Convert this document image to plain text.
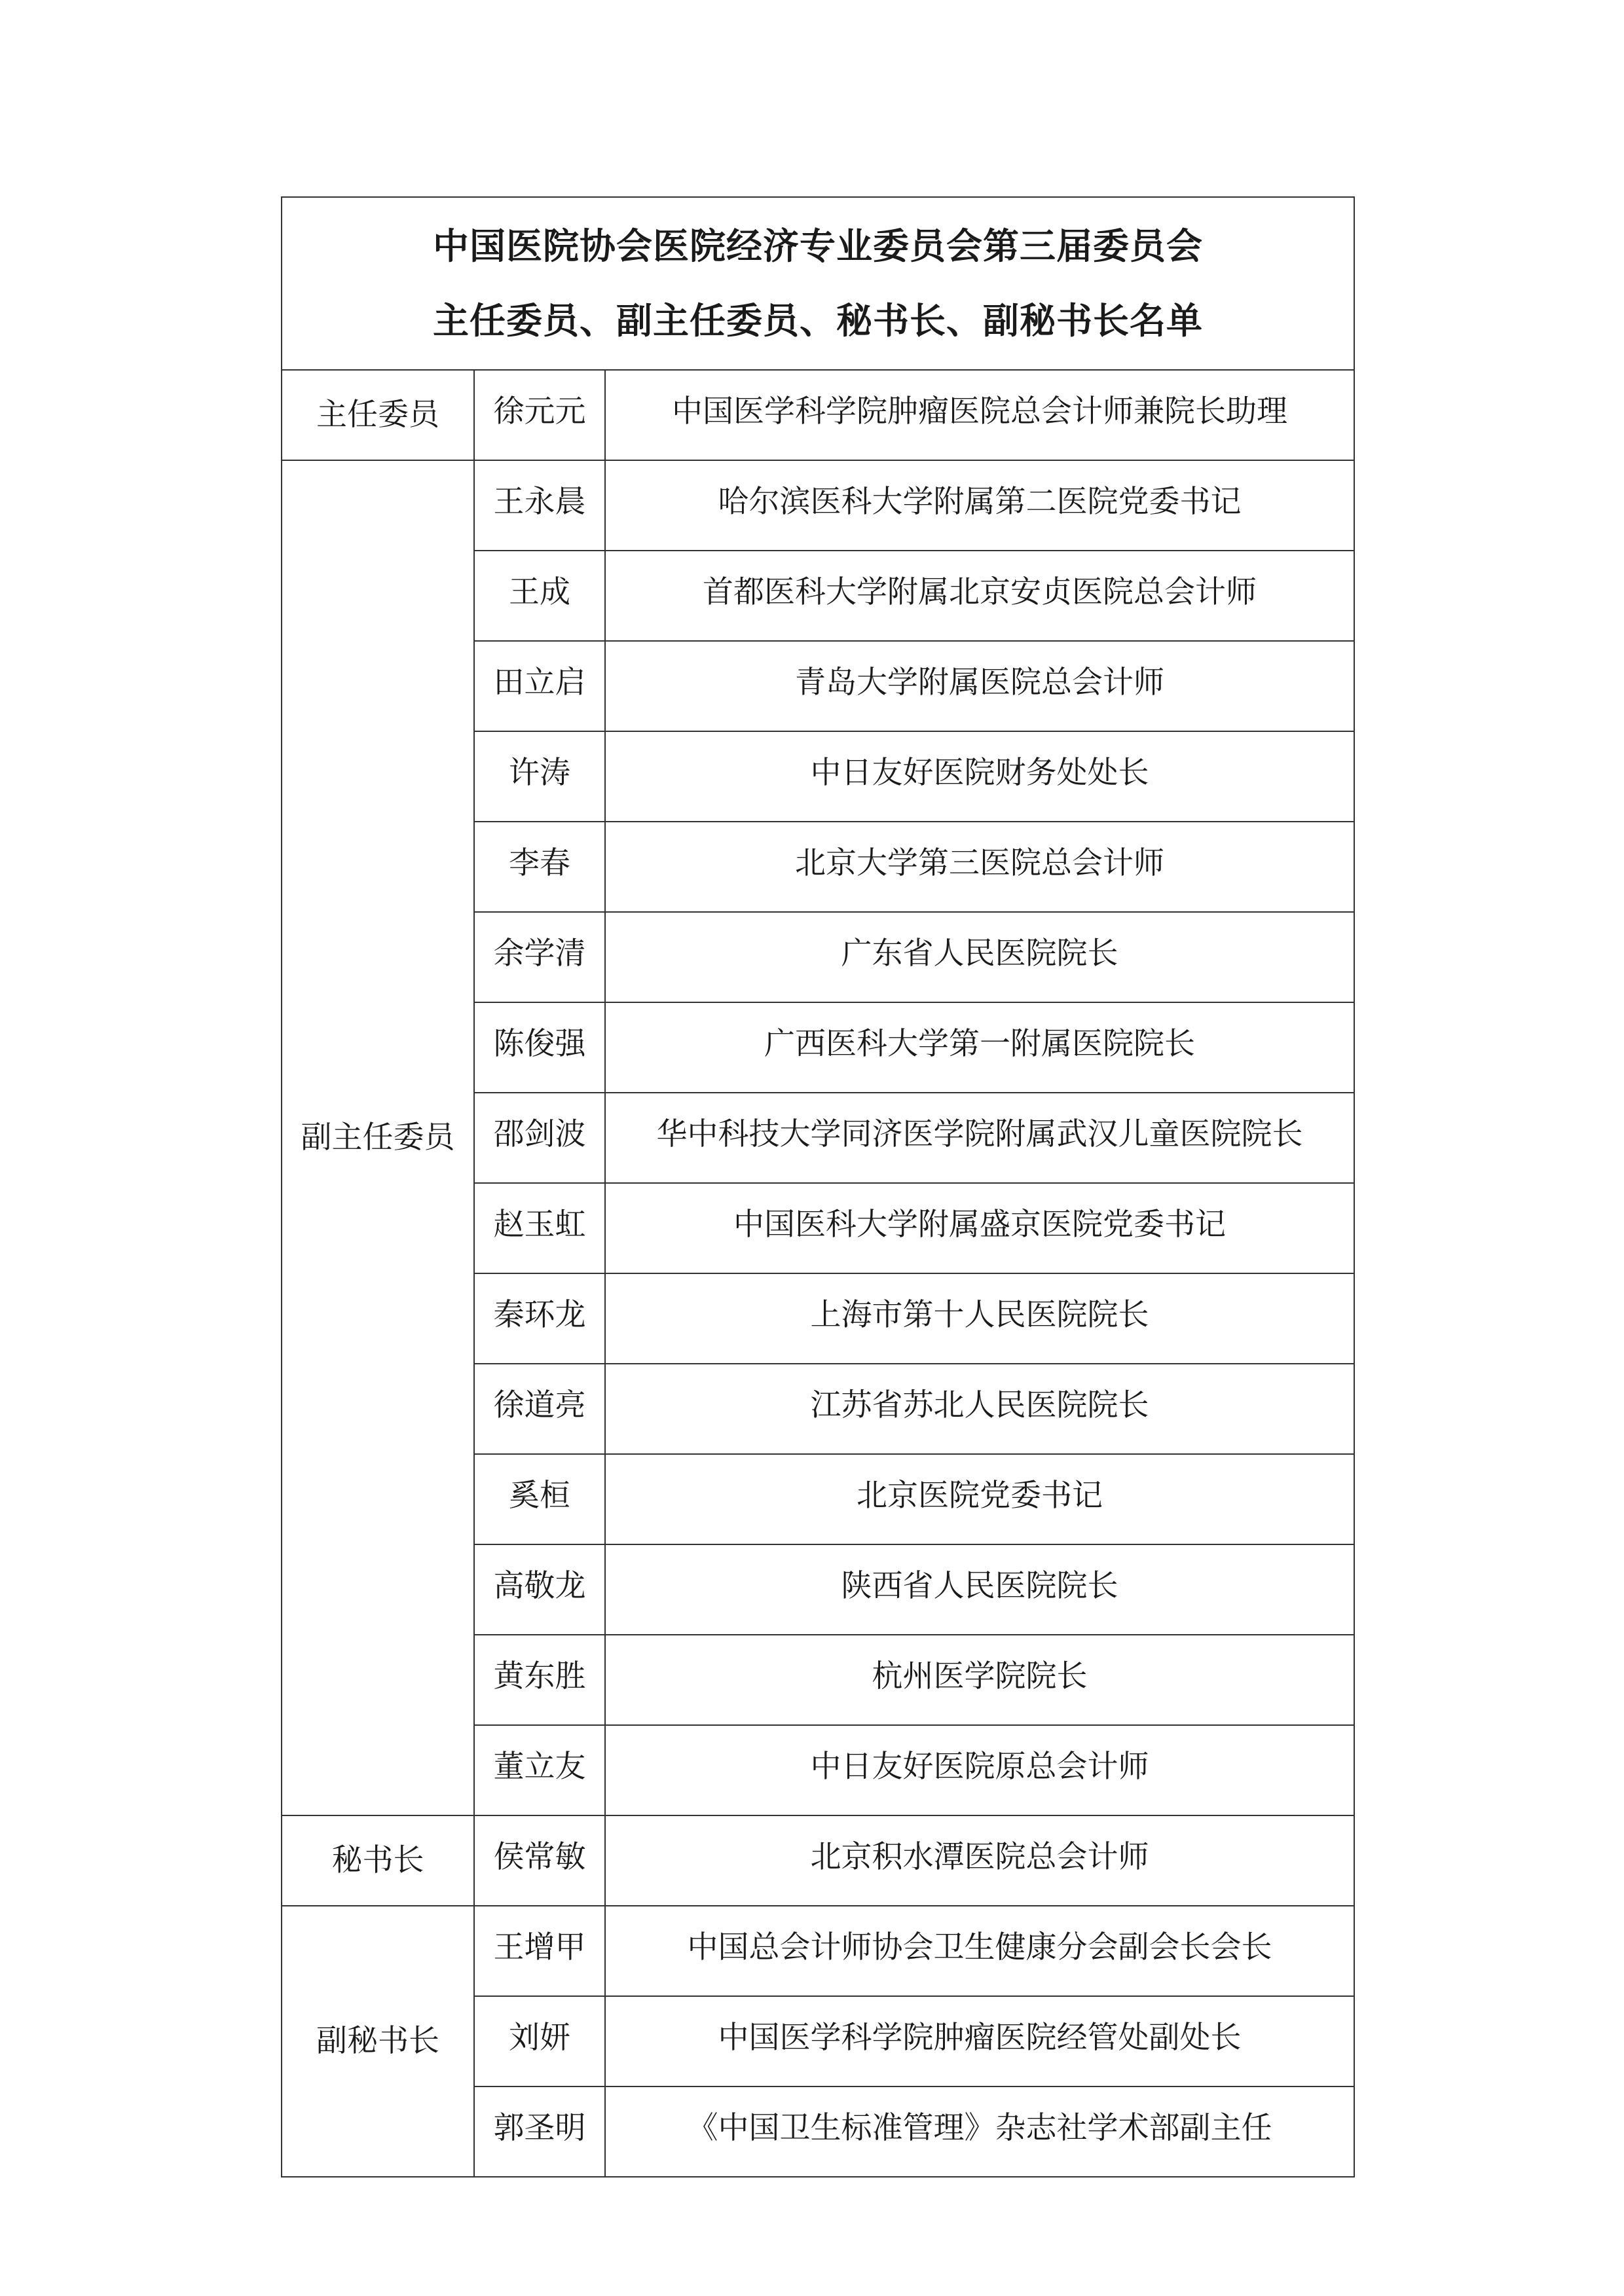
中国医院协会医院经济专业委员会第三届委员会
主任委员、副主任委员、秘书长、副秘书长名单		

主任委员	徐元元	中国医学科学院肿瘤医院总会计师兼院长助理
副主任委员	王永晨	哈尔滨医科大学附属第二医院党委书记
	王成	首都医科大学附属北京安贞医院总会计师
	田立启	青岛大学附属医院总会计师
	许涛	中日友好医院财务处处长
	李春	北京大学第三医院总会计师
	余学清	广东省人民医院院长
	陈俊强	广西医科大学第一附属医院院长
	邵剑波	华中科技大学同济医学院附属武汉儿童医院院长
	赵玉虹	中国医科大学附属盛京医院党委书记
	秦环龙	上海市第十人民医院院长
	徐道亮	江苏省苏北人民医院院长
	奚桓	北京医院党委书记
	高敬龙	陕西省人民医院院长
	黄东胜	杭州医学院院长
	董立友	中日友好医院原总会计师
秘书长	侯常敏	北京积水潭医院总会计师
副秘书长	王增甲	中国总会计师协会卫生健康分会副会长会长
	刘妍	中国医学科学院肿瘤医院经管处副处长
	郭圣明	《中国卫生标准管理》杂志社学术部副主任
